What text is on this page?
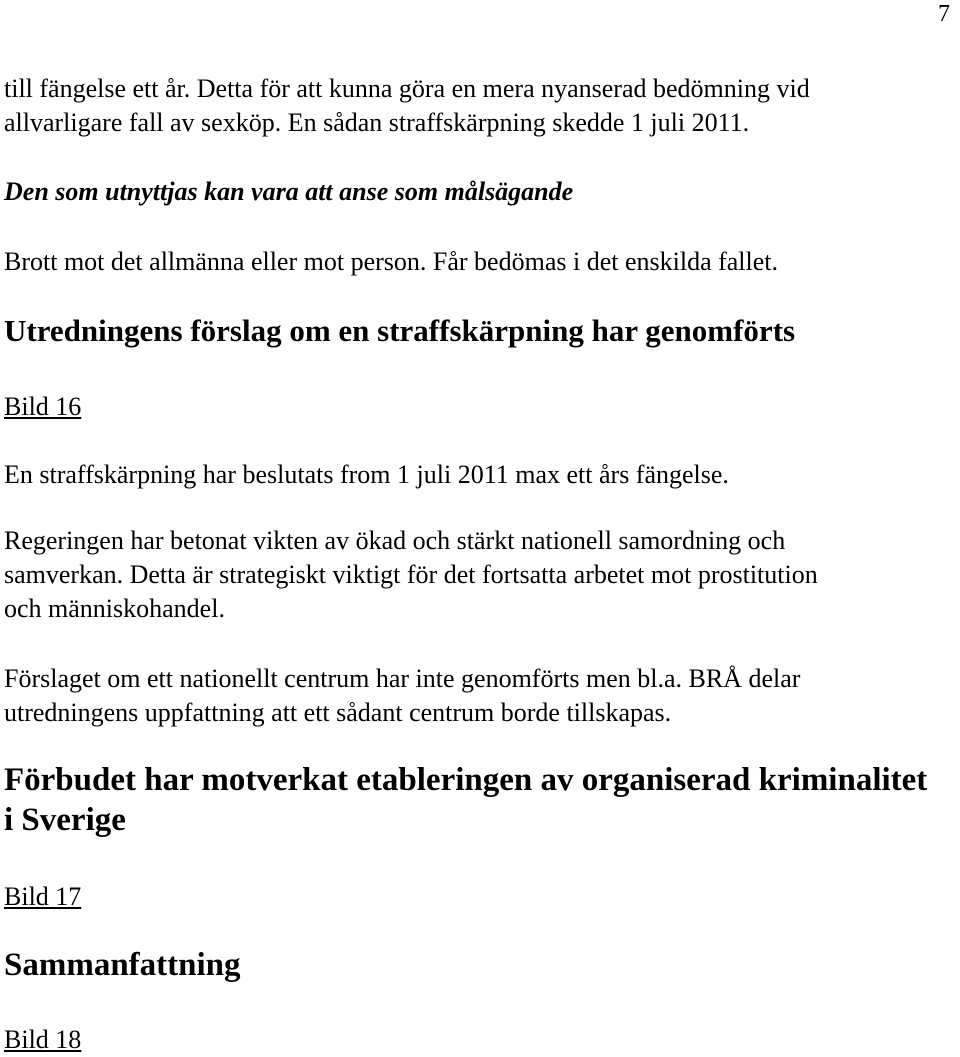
7

till fängelse ett år. Detta för att kunna göra en mera nyanserad bedömning vid

allvarligare fall av sexköp. En sådan straffskärpning skedde 1 juli 2011.

Den som utnyttjas kan vara att anse som målsägande

Brott mot det allmänna eller mot person. Får bedömas i det enskilda fallet.

Utredningens förslag om en straffskärpning har genomförts

Bild 16

En straffskärpning har beslutats from 1 juli 2011 max ett års fängelse.

Regeringen har betonat vikten av ökad och stärkt nationell samordning och

samverkan. Detta är strategiskt viktigt för det fortsatta arbetet mot prostitution

och människohandel.

Förslaget om ett nationellt centrum har inte genomförts men bl.a. BRÅ delar

utredningens uppfattning att ett sådant centrum borde tillskapas.

Förbudet har motverkat etableringen av organiserad kriminalitet
i Sverige

Bild 17

Sammanfattning

Bild 18
